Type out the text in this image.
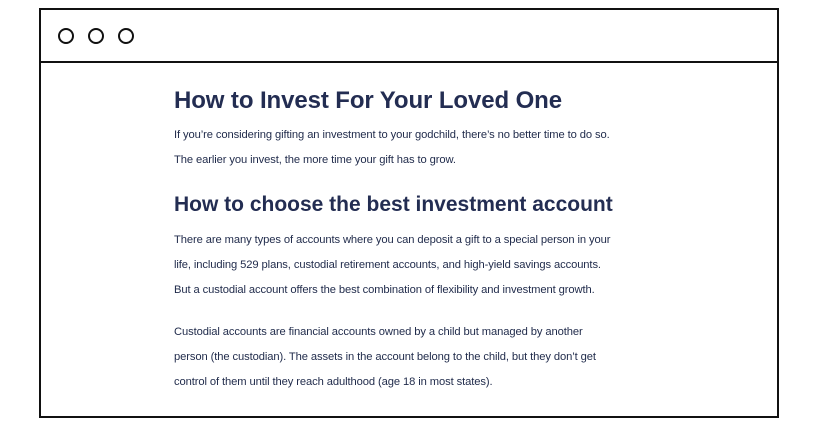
How to Invest For Your Loved One

If you’re considering gifting an investment to your godchild, there’s no better time to do so.
The earlier you invest, the more time your gift has to grow.

How to choose the best investment account

There are many types of accounts where you can deposit a gift to a special person in your
life, including 529 plans, custodial retirement accounts, and high-yield savings accounts.
But a custodial account offers the best combination of flexibility and investment growth.

Custodial accounts are financial accounts owned by a child but managed by another
person (the custodian). The assets in the account belong to the child, but they don’t get
control of them until they reach adulthood (age 18 in most states).
